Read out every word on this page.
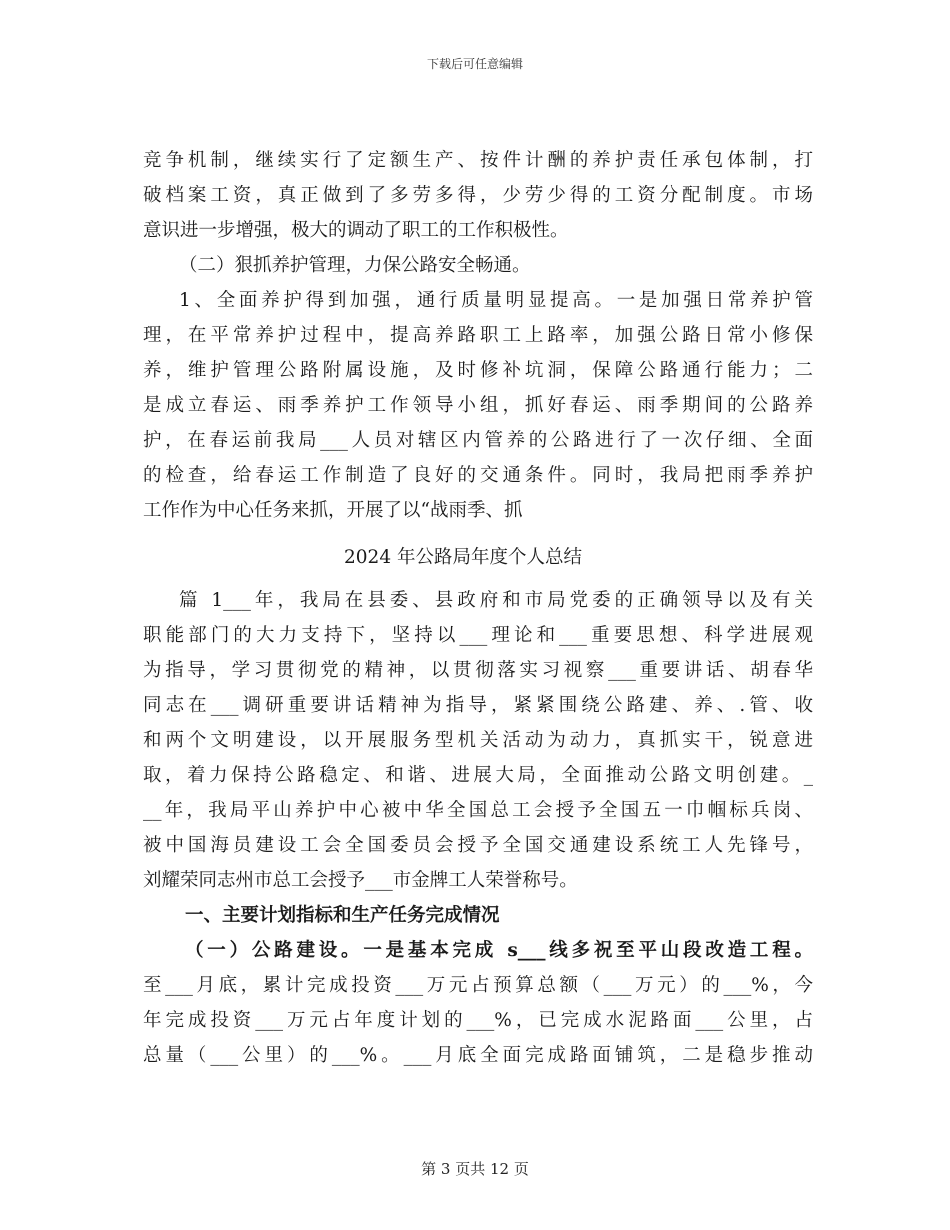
下载后可任意编辑
竞争机制，继续实行了定额生产、按件计酬的养护责任承包体制，打
破档案工资，真正做到了多劳多得，少劳少得的工资分配制度。市场
意识进一步增强，极大的调动了职工的工作积极性。
（二）狠抓养护管理，力保公路安全畅通。
1、全面养护得到加强，通行质量明显提高。一是加强日常养护管
理，在平常养护过程中，提高养路职工上路率，加强公路日常小修保
养，维护管理公路附属设施，及时修补坑洞，保障公路通行能力；二
是成立春运、雨季养护工作领导小组，抓好春运、雨季期间的公路养
护，在春运前我局___人员对辖区内管养的公路进行了一次仔细、全面
的检查，给春运工作制造了良好的交通条件。同时，我局把雨季养护
工作作为中心任务来抓，开展了以“战雨季、抓
2024 年公路局年度个人总结
篇 1___年，我局在县委、县政府和市局党委的正确领导以及有关
职能部门的大力支持下，坚持以___理论和___重要思想、科学进展观
为指导，学习贯彻党的精神，以贯彻落实习视察___重要讲话、胡春华
同志在___调研重要讲话精神为指导，紧紧围绕公路建、养、.管、收
和两个文明建设，以开展服务型机关活动为动力，真抓实干，锐意进
取，着力保持公路稳定、和谐、进展大局，全面推动公路文明创建。_
__年，我局平山养护中心被中华全国总工会授予全国五一巾帼标兵岗、
被中国海员建设工会全国委员会授予全国交通建设系统工人先锋号，
刘耀荣同志州市总工会授予___市金牌工人荣誉称号。
一、主要计划指标和生产任务完成情况
（一）公路建设。一是基本完成 s___线多祝至平山段改造工程。
至___月底，累计完成投资___万元占预算总额（___万元）的___%，今
年完成投资___万元占年度计划的___%，已完成水泥路面___公里，占
总量（___公里）的___%。___月底全面完成路面铺筑，二是稳步推动
第 3 页共 12 页
